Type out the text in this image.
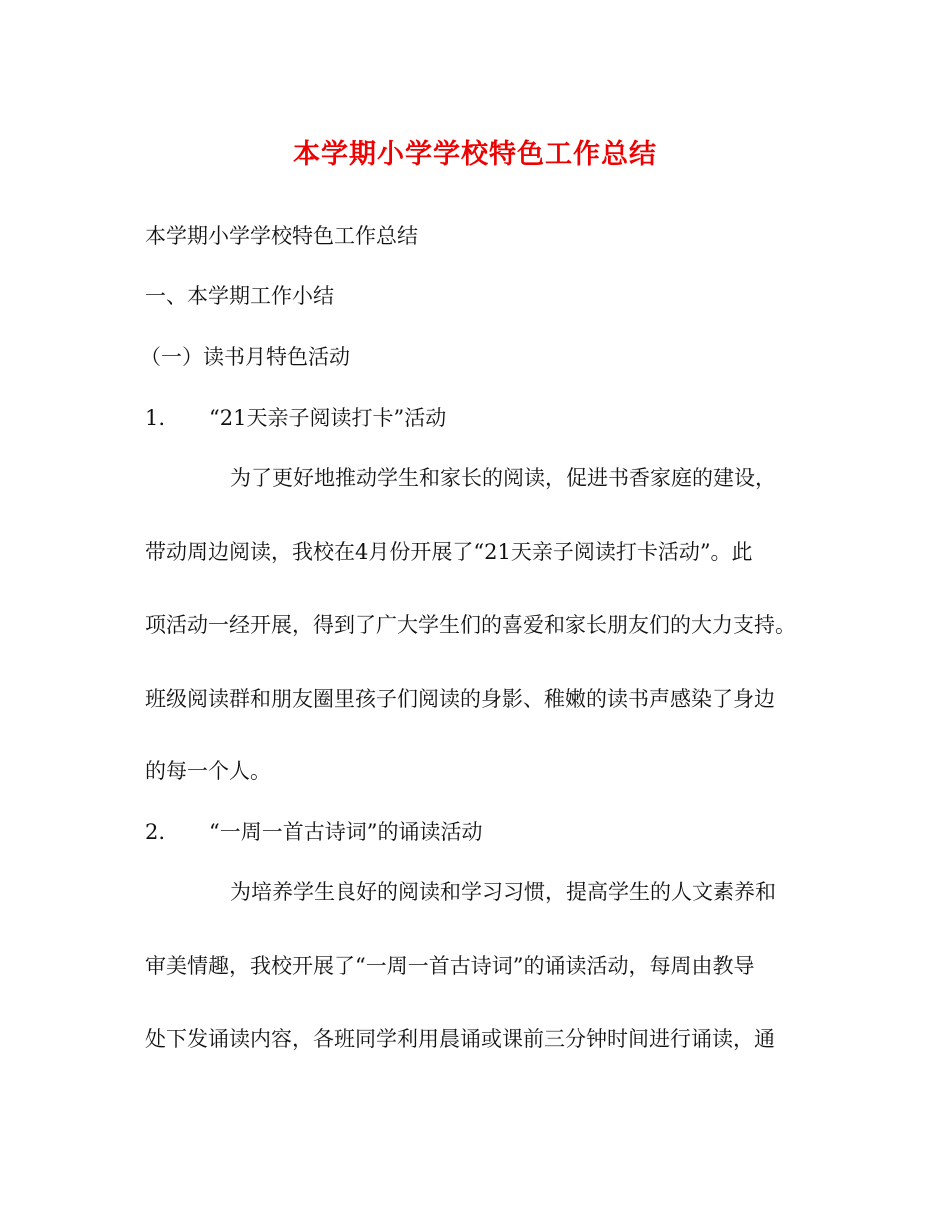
本学期小学学校特色工作总结
本学期小学学校特色工作总结
一、本学期工作小结
（一）读书月特色活动
1. “21天亲子阅读打卡”活动
为了更好地推动学生和家长的阅读，促进书香家庭的建设，
带动周边阅读，我校在4月份开展了“21天亲子阅读打卡活动”。此
项活动一经开展，得到了广大学生们的喜爱和家长朋友们的大力支持。
班级阅读群和朋友圈里孩子们阅读的身影、稚嫩的读书声感染了身边
的每一个人。
2. “一周一首古诗词”的诵读活动
为培养学生良好的阅读和学习习惯，提高学生的人文素养和
审美情趣，我校开展了“一周一首古诗词”的诵读活动，每周由教导
处下发诵读内容，各班同学利用晨诵或课前三分钟时间进行诵读，通
